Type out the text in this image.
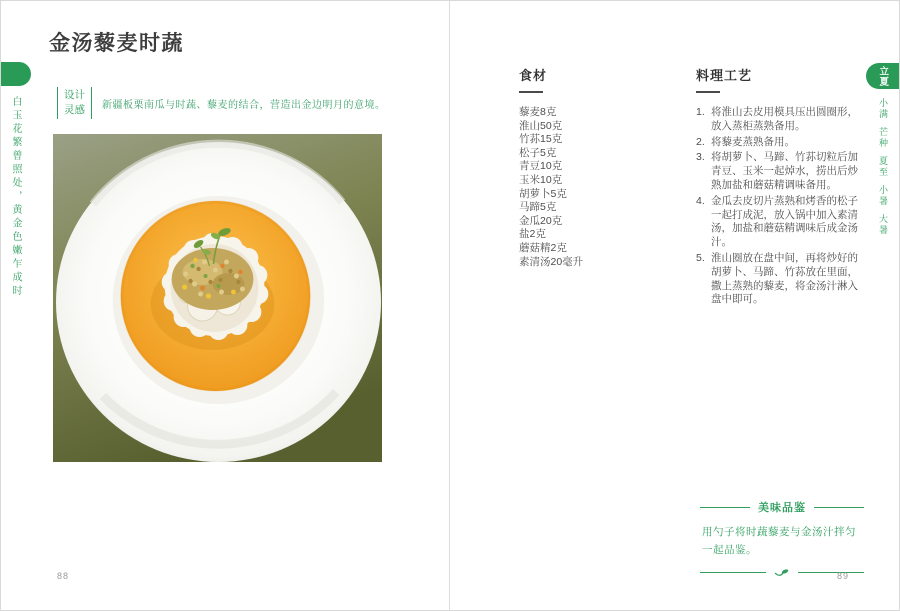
白玉花繁曾照处，黄金色嫩乍成时
金汤藜麦时蔬
设计
灵感 新疆板栗南瓜与时蔬、藜麦的结合，营造出金边明月的意境。

88
食材
藜麦8克
淮山50克
竹荪15克
松子5克
青豆10克
玉米10克
胡萝卜5克
马蹄5克
金瓜20克
盐2克
蘑菇精2克
素清汤20毫升
料理工艺
将淮山去皮用模具压出圆圈形，放入蒸柜蒸熟备用。
将藜麦蒸熟备用。
将胡萝卜、马蹄、竹荪切粒后加青豆、玉米一起焯水，捞出后炒熟加盐和蘑菇精调味备用。
金瓜去皮切片蒸熟和烤香的松子一起打成泥，放入锅中加入素清汤，加盐和蘑菇精调味后成金汤汁。
淮山圈放在盘中间，再将炒好的胡萝卜、马蹄、竹荪放在里面，撒上蒸熟的藜麦，将金汤汁淋入盘中即可。
美味品鉴

用勺子将时蔬藜麦与金汤汁拌匀一起品鉴。

立夏
小满
芒种
夏至
小暑
大暑
89
